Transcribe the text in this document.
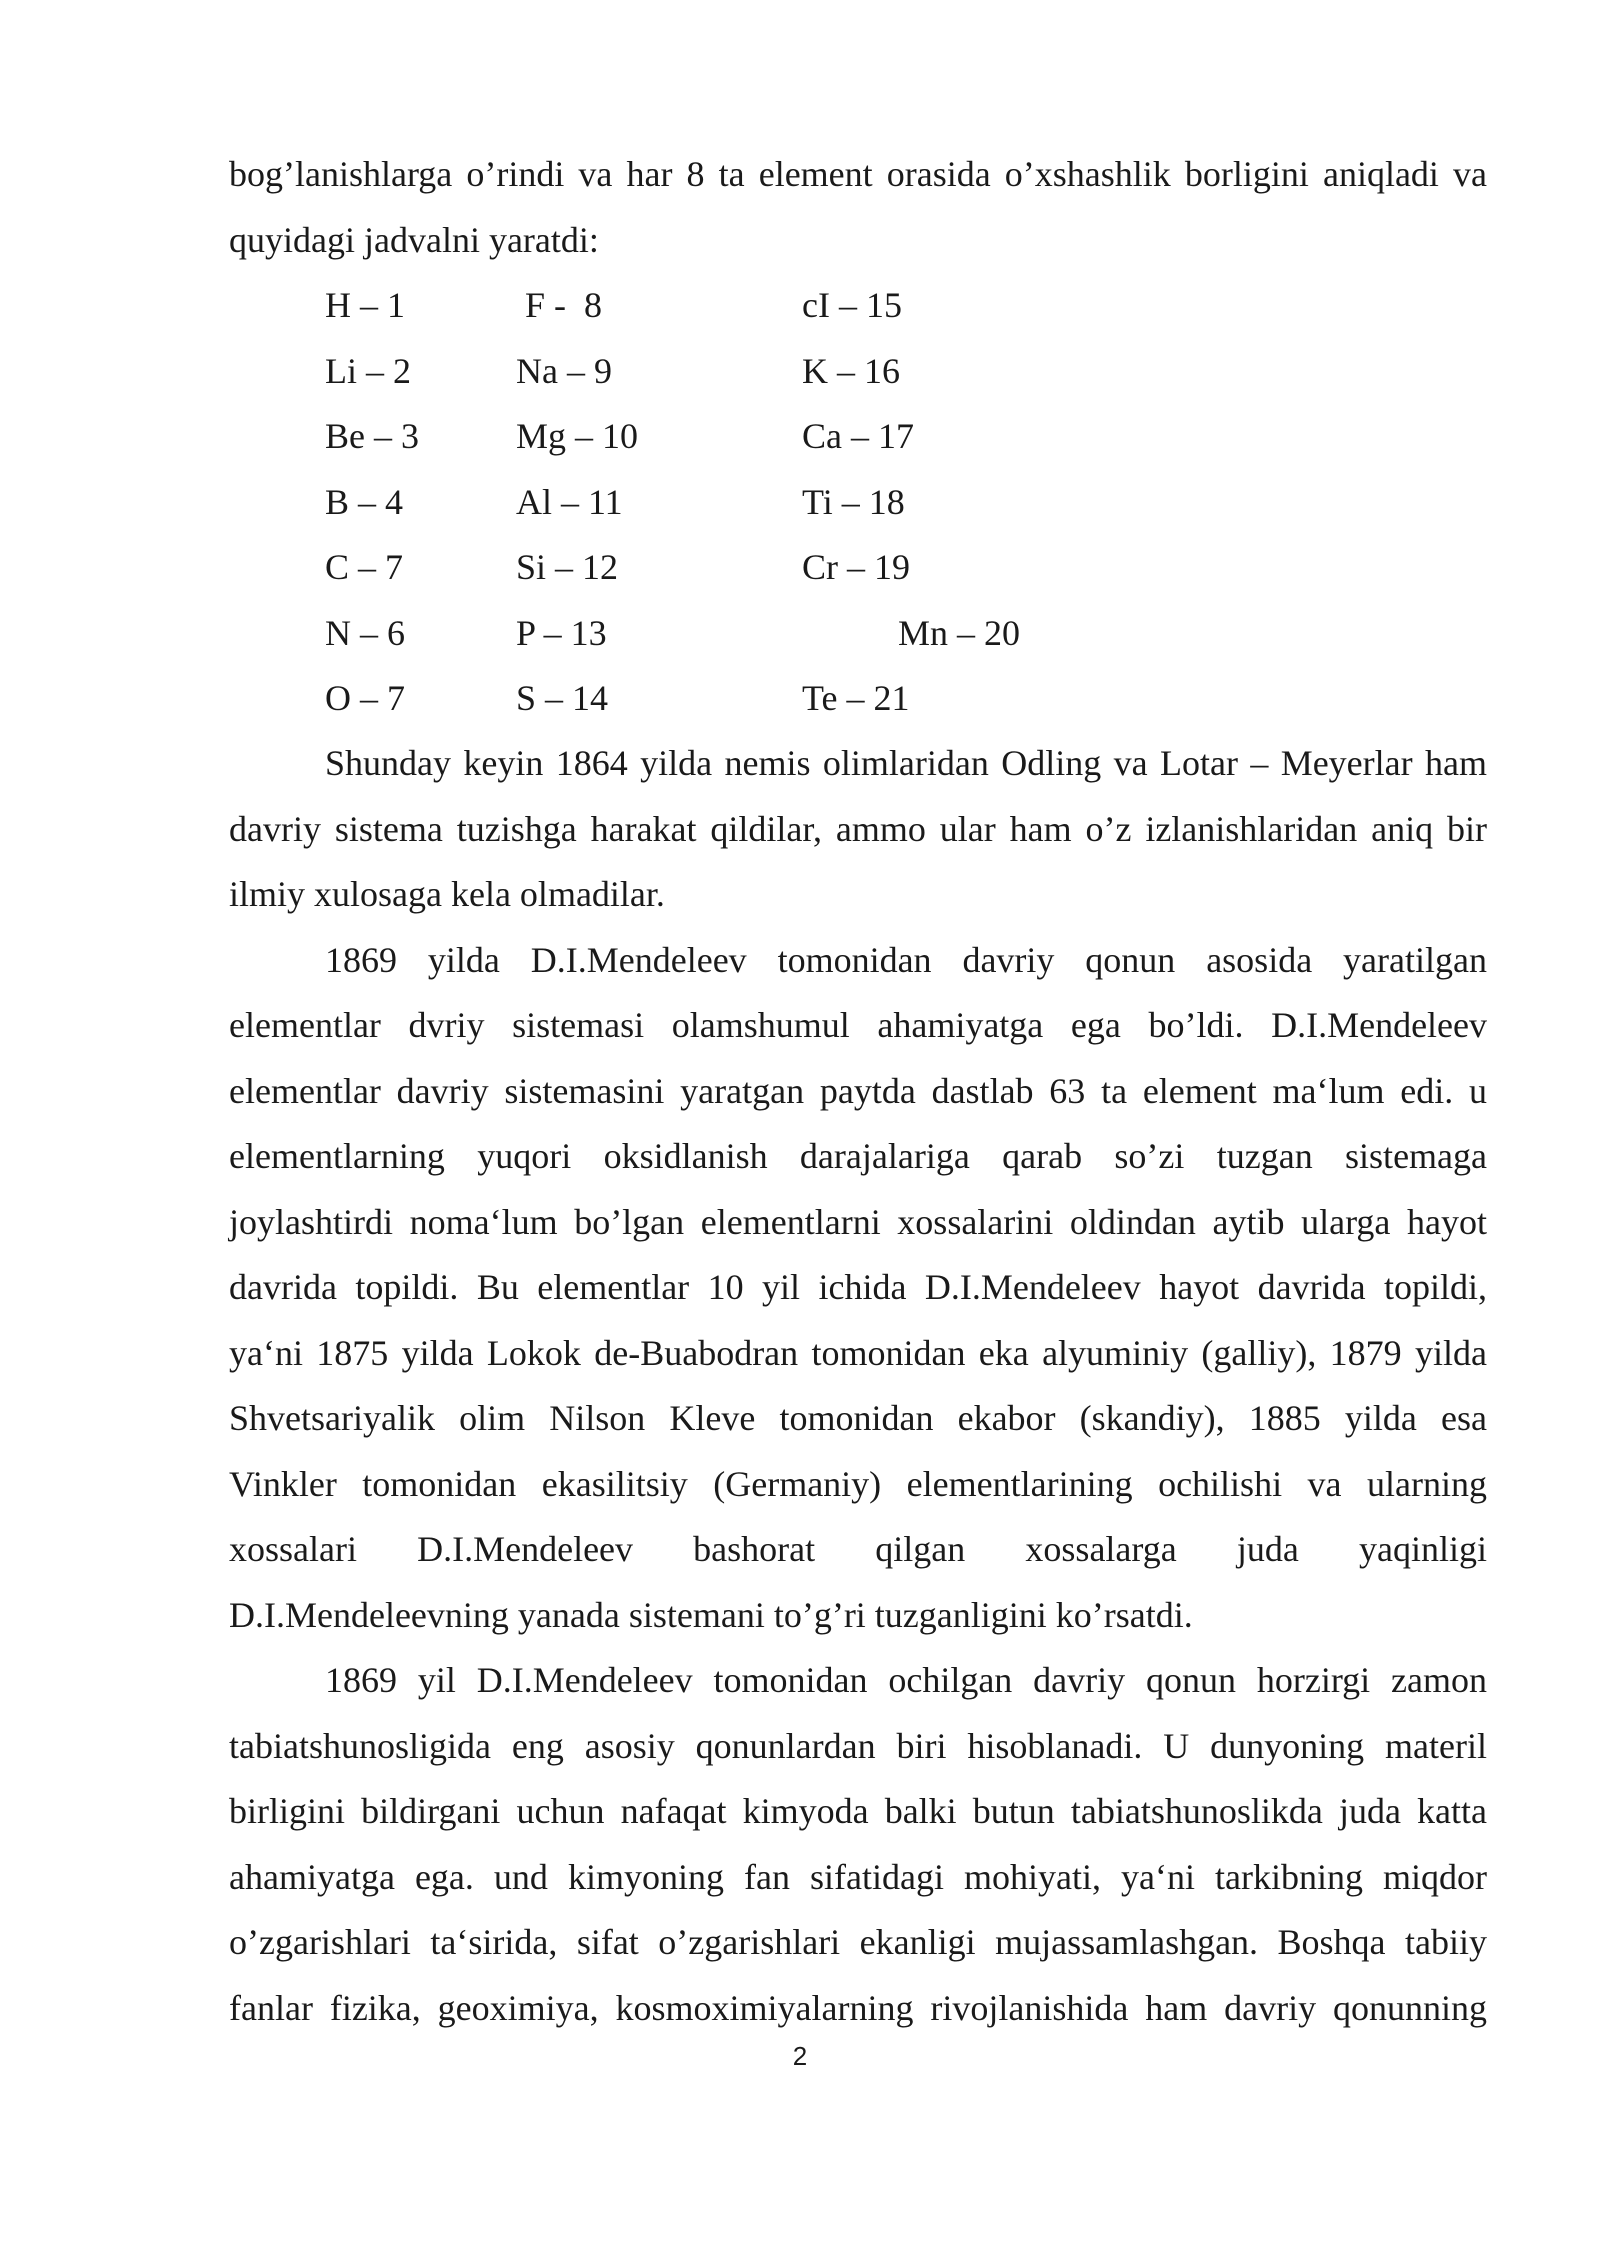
bog’lanishlarga o’rindi va har 8 ta element orasida o’xshashlik borligini aniqladi va
quyidagi jadvalni yaratdi:
H – 1	F -  8	cI – 15
Li – 2	Na – 9	K – 16
Be – 3	Mg – 10	Ca – 17
B – 4	Al – 11	Ti – 18
C – 7	Si – 12	Cr – 19
N – 6	P – 13	Mn – 20
O – 7	S – 14	Te – 21
Shunday keyin 1864 yilda nemis olimlaridan Odling va Lotar – Meyerlar ham
davriy sistema tuzishga harakat qildilar, ammo ular ham o’z izlanishlaridan aniq bir
ilmiy xulosaga kela olmadilar.
1869 yilda D.I.Mendeleev tomonidan davriy qonun asosida yaratilgan
elementlar dvriy sistemasi olamshumul ahamiyatga ega bo’ldi. D.I.Mendeleev
elementlar davriy sistemasini yaratgan paytda dastlab 63 ta element ma‘lum edi. u
elementlarning yuqori oksidlanish darajalariga qarab so’zi tuzgan sistemaga
joylashtirdi noma‘lum bo’lgan elementlarni xossalarini oldindan aytib ularga hayot
davrida topildi. Bu elementlar 10 yil ichida D.I.Mendeleev hayot davrida topildi,
ya‘ni 1875 yilda Lokok de-Buabodran tomonidan eka alyuminiy (galliy), 1879 yilda
Shvetsariyalik olim Nilson Kleve tomonidan ekabor (skandiy), 1885 yilda esa
Vinkler tomonidan ekasilitsiy (Germaniy) elementlarining ochilishi va ularning
xossalari D.I.Mendeleev bashorat qilgan xossalarga juda yaqinligi
D.I.Mendeleevning yanada sistemani to’g’ri tuzganligini ko’rsatdi.
1869 yil D.I.Mendeleev tomonidan ochilgan davriy qonun horzirgi zamon
tabiatshunosligida eng asosiy qonunlardan biri hisoblanadi. U dunyoning materil
birligini bildirgani uchun nafaqat kimyoda balki butun tabiatshunoslikda juda katta
ahamiyatga ega. und kimyoning fan sifatidagi mohiyati, ya‘ni tarkibning miqdor
o’zgarishlari ta‘sirida, sifat o’zgarishlari ekanligi mujassamlashgan. Boshqa tabiiy
fanlar fizika, geoximiya, kosmoximiyalarning rivojlanishida ham davriy qonunning
2
